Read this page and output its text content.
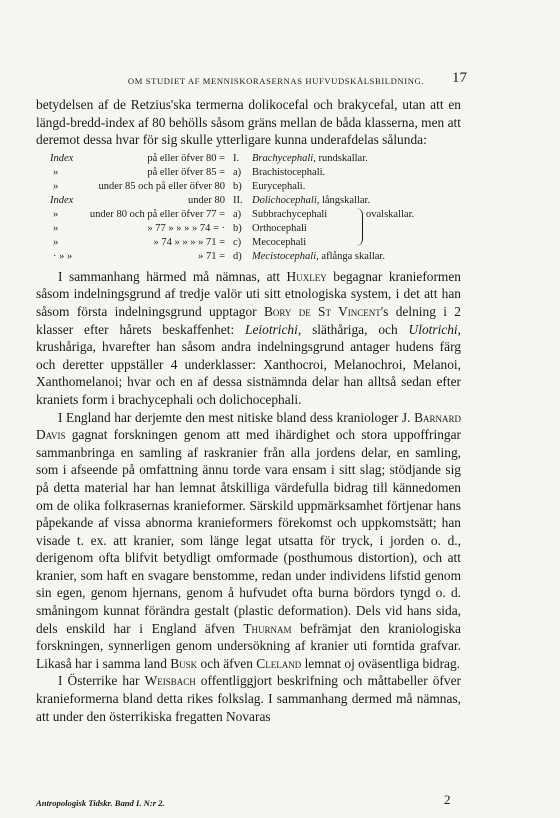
OM STUDIET AF MENNISKORASERNAS HUFVUDSKÅLSBILDNING.	17

betydelsen af de Retzius'ska termerna dolikocefal och brakycefal, utan att en längd-bredd-index af 80 behölls såsom gräns mellan de båda klasserna, men att deremot dessa hvar för sig skulle ytterligare kunna underafdelas sålunda:

Index	på eller öfver 80 = I. Brachycephali, rundskallar.
»	på eller öfver 85 = a) Brachistocephali.
»	under 85 och på eller öfver 80 b) Eurycephali.
Index	under 80 II. Dolichocephali, långskallar.
»	under 80 och på eller öfver 77 = a) Subbrachycephali	ovalskallar.
»	» 77 » » » » 74 = · b) Orthocephali
»	» 74 » » » » 71 = c) Mecocephali
· » »	» 71 = d) Mecistocephali, aflånga skallar.

I sammanhang härmed må nämnas, att Huxley begagnar kraniеformen såsom indelningsgrund af tredje valör uti sitt etnologiska system, i det att han såsom första indelningsgrund upptagor Bory de St Vincent's delning i 2 klasser efter hårets beskaffenhet: Leiotrichi, släthåriga, och Ulotrichi, krushåriga, hvarefter han såsom andra indelningsgrund antager hudens färg och deretter uppställer 4 underklasser: Xanthocroi, Melanochroi, Melanoi, Xanthomelanoi; hvar och en af dessa sistnämnda delar han alltså sedan efter kraniets form i brachycephali och dolichocephali.

I England har derjemte den mest nitiske bland dess kraniologer J. Barnard Davis gagnat forskningen genom att med ihärdighet och stora uppoffringar sammanbringa en samling af raskranier från alla jordens delar, en samling, som i afseende på omfattning ännu torde vara ensam i sitt slag; stödjande sig på detta material har han lemnat åtskilliga värdefulla bidrag till kännedomen om de olika folkrasernas kranieformer. Särskild uppmärksamhet förtjenar hans påpekande af vissa abnorma kranieformers förekomst och uppkomstsätt; han visade t. ex. att kranier, som länge legat utsatta för tryck, i jorden o. d., derigenom ofta blifvit betydligt omformade (posthumous distortion), och att kranier, som haft en svagare benstomme, redan under individens lifstid genom sin egen, genom hjernans, genom å hufvudet ofta burna bördors tyngd o. d. småningom kunnat förändra gestalt (plastic deformation). Dels vid hans sida, dels enskild har i England äfven Thurnam befrämjat den kraniologiska forskningen, synnerligen genom undersökning af kranier uti forntida grafvar. Likaså har i samma land Busk och äfven Cleland lemnat oj oväsentliga bidrag.

I Österrike har Weisbach offentliggjort beskrifning och måttabeller öfver kranieformerna bland detta rikes folkslag. I sammanhang dermed må nämnas, att under den österrikiska fregatten Novaras

Antropologisk Tidskr. Band I. N:r 2.	2
